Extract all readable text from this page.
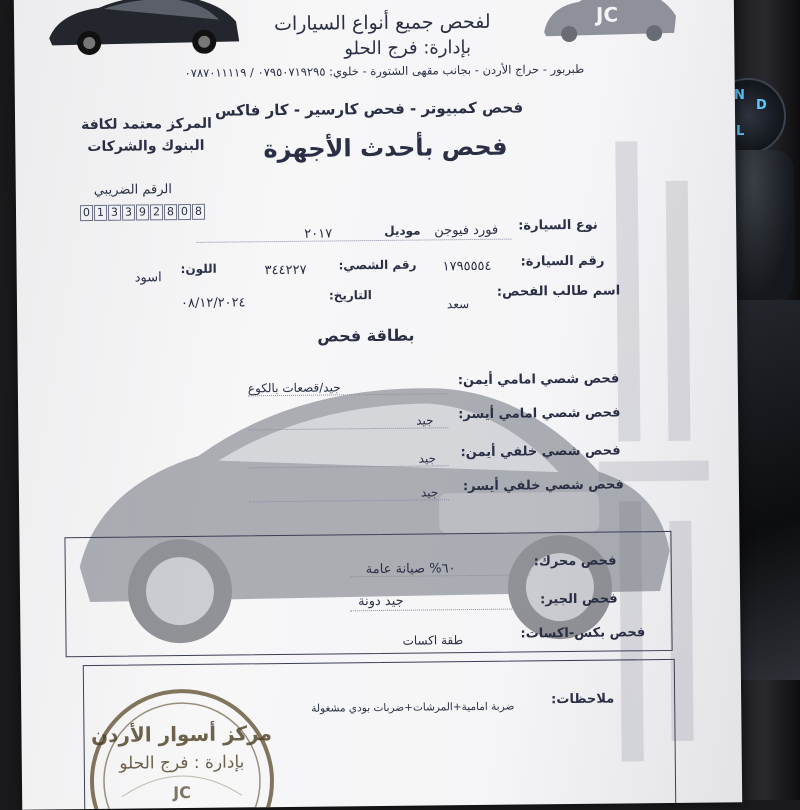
N
D
L
JC
لفحص جميع أنواع السيارات
بإدارة: فرج الحلو
طبربور - حراج الأردن - بجانب مقهى الشتورة - خلوي: ٠٧٩٥٠٧١٩٢٩٥ / ٠٧٨٧٠١١١١٩
فحص كمبيوتر - فحص كارسير - كار فاكس
فحص بأحدث الأجهزة
المركز معتمد لكافة
البنوك والشركات
الرقم الضريبي
0 1 3 3 9 2 8 0 8
نوع السيارة:
فورد فيوجن
موديل
٢٠١٧
رقم السيارة:
١٧٩٥٥٥٤
رقم الشصي:
٣٤٤٢٢٧
اللون:
اسود
اسم طالب الفحص:
سعد
التاريخ:
٠٨/١٢/٢٠٢٤
بطاقة فحص
فحص شصي امامي أيمن:
جيد/قصعات بالكوع
فحص شصي امامي أيسر:
جيد
فحص شصي خلفي أيمن:
جيد
فحص شصي خلفي أيسر:
جيد
فحص محرك:
٦٠% صيانة عامة
فحص الجير:
جيد دونة
فحص بكس-اكسات:
طقة اكسات
ملاحظات:
ضربة امامية+المرشات+ضربات بودي مشغولة
مركز أسوار الأردن
بإدارة : فرج الحلو
JC
